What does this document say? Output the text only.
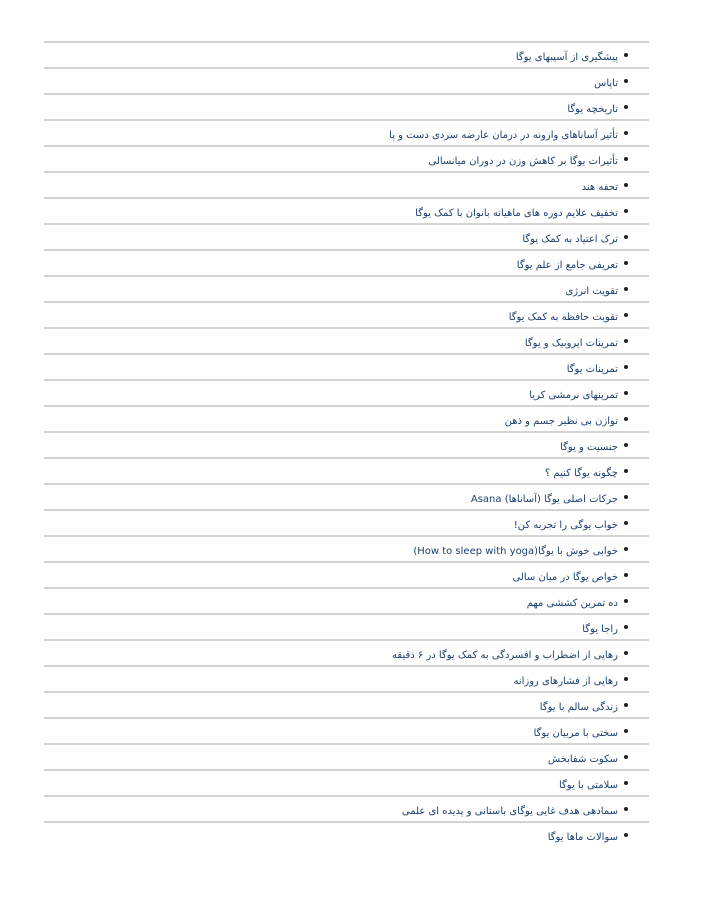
پیشگیری از آسیبهای یوگا
تاپاس
تاریخچه یوگا
تأثیر آسانا‌های وارونه در درمان عارضه سردی دست و پا
تأثیرات یوگا بر کاهش وزن در دوران میانسالی
تحفه هند
تخفیف علایم دوره های ماهیانه بانوان با کمک یوگا
ترک اعتیاد به کمک یوگا
تعریفی جامع از علم یوگا
تقویت انرژی
تقویت حافظه به کمک یوگا
تمرینات ایروبیک و یوگا
تمرینات یوگا
تمرینهای نرمشی کریا
توازن بی نظیر جسم و ذهن
جنسیت و یوگا
چگونه یوگا کنیم ؟
حرکات اصلی یوگا (آساناها) Asana
خواب یوگی را تجربه کن!
خوابی خوش با یوگا(How to sleep with yoga)
خواص یوگا در میان سالی
ده تمرین کششی مهم
راجا یوگا
رهایی از اضطراب و افسردگی به کمک یوگا در ۶ دقیقه
رهایی از فشارهای روزانه
زندگی سالم با یوگا
سختی با مربیان یوگا
سکوت شفابخش
سلامتی با یوگا
سمادهی هدف غایی یوگای باستانی و پدیده ای علمی
سوالات ماها یوگا
